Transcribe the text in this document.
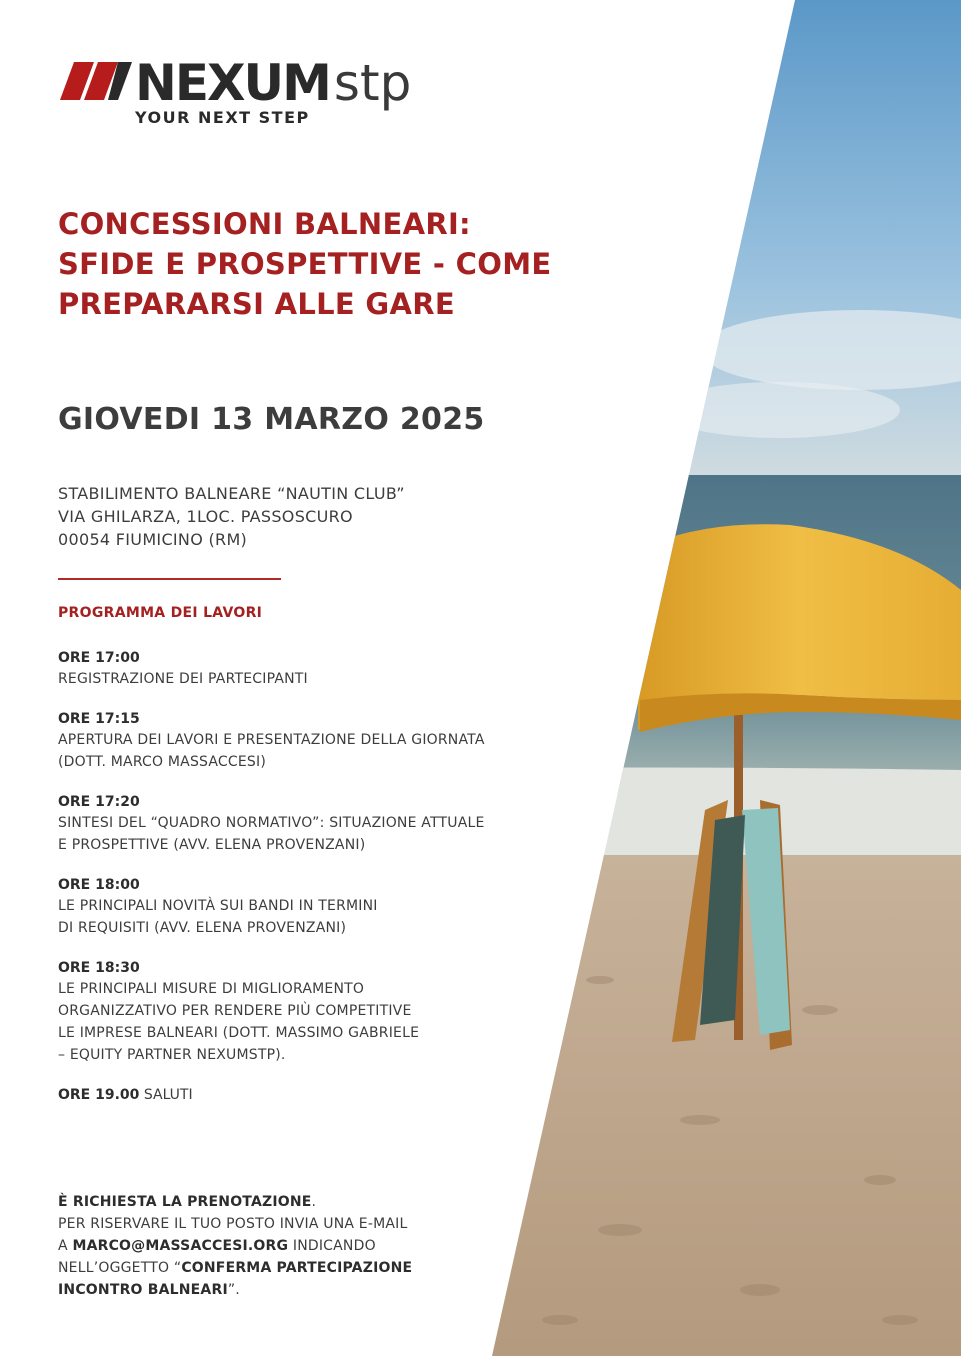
NEXUMstp
YOUR NEXT STEP
CONCESSIONI BALNEARI: SFIDE E PROSPETTIVE - COME PREPARARSI ALLE GARE
GIOVEDI 13 MARZO 2025
STABILIMENTO BALNEARE “NAUTIN CLUB”
VIA GHILARZA, 1LOC. PASSOSCURO
00054 FIUMICINO (RM)
PROGRAMMA DEI LAVORI
ORE 17:00
REGISTRAZIONE DEI PARTECIPANTI
ORE 17:15
APERTURA DEI LAVORI E PRESENTAZIONE DELLA GIORNATA
(DOTT. MARCO MASSACCESI)
ORE 17:20
SINTESI DEL “QUADRO NORMATIVO”: SITUAZIONE ATTUALE
E PROSPETTIVE (AVV. ELENA PROVENZANI)
ORE 18:00
LE PRINCIPALI NOVITÀ SUI BANDI IN TERMINI
DI REQUISITI (AVV. ELENA PROVENZANI)
ORE 18:30
LE PRINCIPALI MISURE DI MIGLIORAMENTO
ORGANIZZATIVO PER RENDERE PIÙ COMPETITIVE
LE IMPRESE BALNEARI (DOTT. MASSIMO GABRIELE
– EQUITY PARTNER NEXUMSTP).
ORE 19.00 SALUTI
È RICHIESTA LA PRENOTAZIONE.
PER RISERVARE IL TUO POSTO INVIA UNA E-MAIL
A MARCO@MASSACCESI.ORG INDICANDO
NELL’OGGETTO “CONFERMA PARTECIPAZIONE
INCONTRO BALNEARI”.
